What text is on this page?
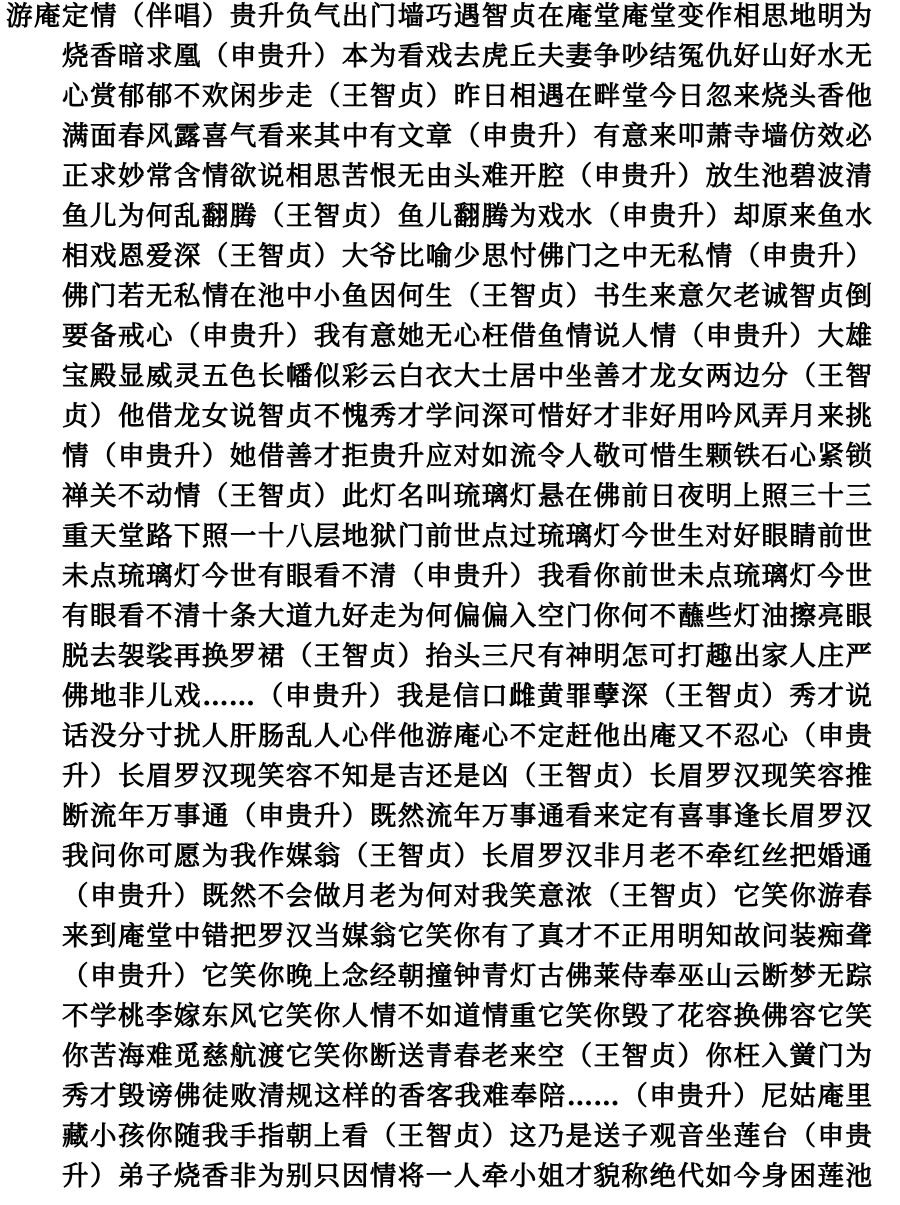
游庵定情（伴唱）贵升负气出门墙巧遇智贞在庵堂庵堂变作相思地明为
烧香暗求凰（申贵升）本为看戏去虎丘夫妻争吵结冤仇好山好水无
心赏郁郁不欢闲步走（王智贞）昨日相遇在畔堂今日忽来烧头香他
满面春风露喜气看来其中有文章（申贵升）有意来叩萧寺墙仿效必
正求妙常含情欲说相思苦恨无由头难开腔（申贵升）放生池碧波清
鱼儿为何乱翻腾（王智贞）鱼儿翻腾为戏水（申贵升）却原来鱼水
相戏恩爱深（王智贞）大爷比喻少思忖佛门之中无私情（申贵升）
佛门若无私情在池中小鱼因何生（王智贞）书生来意欠老诚智贞倒
要备戒心（申贵升）我有意她无心枉借鱼情说人情（申贵升）大雄
宝殿显威灵五色长幡似彩云白衣大士居中坐善才龙女两边分（王智
贞）他借龙女说智贞不愧秀才学问深可惜好才非好用吟风弄月来挑
情（申贵升）她借善才拒贵升应对如流令人敬可惜生颗铁石心紧锁
禅关不动情（王智贞）此灯名叫琉璃灯悬在佛前日夜明上照三十三
重天堂路下照一十八层地狱门前世点过琉璃灯今世生对好眼睛前世
未点琉璃灯今世有眼看不清（申贵升）我看你前世未点琉璃灯今世
有眼看不清十条大道九好走为何偏偏入空门你何不蘸些灯油擦亮眼
脱去袈裟再换罗裙（王智贞）抬头三尺有神明怎可打趣出家人庄严
佛地非儿戏……（申贵升）我是信口雌黄罪孽深（王智贞）秀才说
话没分寸扰人肝肠乱人心伴他游庵心不定赶他出庵又不忍心（申贵
升）长眉罗汉现笑容不知是吉还是凶（王智贞）长眉罗汉现笑容推
断流年万事通（申贵升）既然流年万事通看来定有喜事逢长眉罗汉
我问你可愿为我作媒翁（王智贞）长眉罗汉非月老不牵红丝把婚通
（申贵升）既然不会做月老为何对我笑意浓（王智贞）它笑你游春
来到庵堂中错把罗汉当媒翁它笑你有了真才不正用明知故问装痴聋
（申贵升）它笑你晚上念经朝撞钟青灯古佛莱侍奉巫山云断梦无踪
不学桃李嫁东风它笑你人情不如道情重它笑你毁了花容换佛容它笑
你苦海难觅慈航渡它笑你断送青春老来空（王智贞）你枉入黉门为
秀才毁谤佛徒败清规这样的香客我难奉陪……（申贵升）尼姑庵里
藏小孩你随我手指朝上看（王智贞）这乃是送子观音坐莲台（申贵
升）弟子烧香非为别只因情将一人牵小姐才貌称绝代如今身困莲池
